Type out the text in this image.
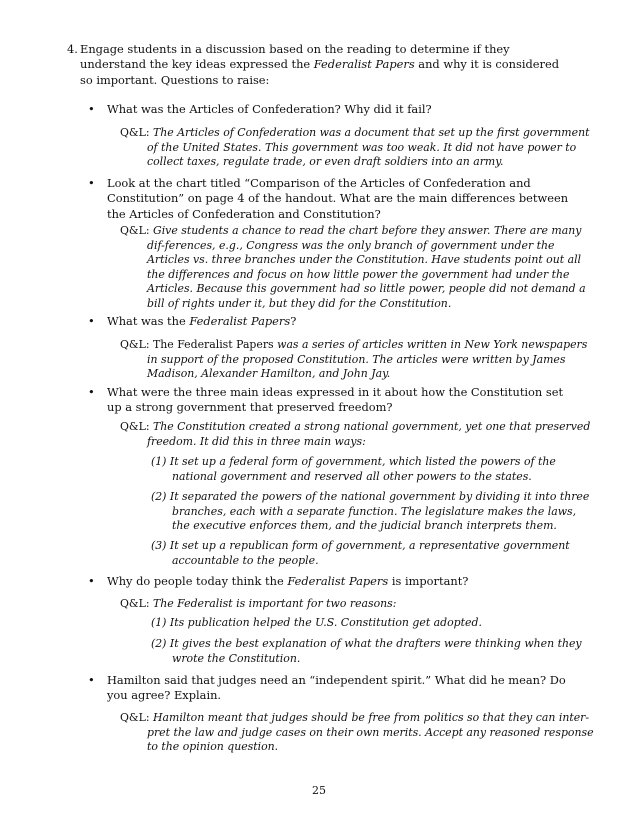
4. Engage students in a discussion based on the reading to determine if they understand the key ideas expressed the Federalist Papers and why it is considered so important. Questions to raise:
•	What was the Articles of Confederation? Why did it fail?
Q&L: The Articles of Confederation was a document that set up the first government of the United States. This government was too weak. It did not have power to collect taxes, regulate trade, or even draft soldiers into an army.
•	Look at the chart titled “Comparison of the Articles of Confederation and Constitution” on page 4 of the handout. What are the main differences between the Articles of Confederation and Constitution?
Q&L: Give students a chance to read the chart before they answer. There are many dif-ferences, e.g., Congress was the only branch of government under the Articles vs. three branches under the Constitution. Have students point out all the differences and focus on how little power the government had under the Articles. Because this government had so little power, people did not demand a bill of rights under it, but they did for the Constitution.
•	What was the Federalist Papers?
Q&L: The Federalist Papers was a series of articles written in New York newspapers in support of the proposed Constitution. The articles were written by James Madison, Alexander Hamilton, and John Jay.
•	What were the three main ideas expressed in it about how the Constitution set up a strong government that preserved freedom?
Q&L: The Constitution created a strong national government, yet one that preserved freedom. It did this in three main ways:
(1) It set up a federal form of government, which listed the powers of the national government and reserved all other powers to the states.
(2) It separated the powers of the national government by dividing it into three branches, each with a separate function. The legislature makes the laws, the executive enforces them, and the judicial branch interprets them.
(3) It set up a republican form of government, a representative government accountable to the people.
•	Why do people today think the Federalist Papers is important?
Q&L: The Federalist is important for two reasons:
(1) Its publication helped the U.S. Constitution get adopted.
(2) It gives the best explanation of what the drafters were thinking when they wrote the Constitution.
•	Hamilton said that judges need an “independent spirit.” What did he mean? Do you agree? Explain.
Q&L: Hamilton meant that judges should be free from politics so that they can inter-pret the law and judge cases on their own merits. Accept any reasoned response to the opinion question.
25
